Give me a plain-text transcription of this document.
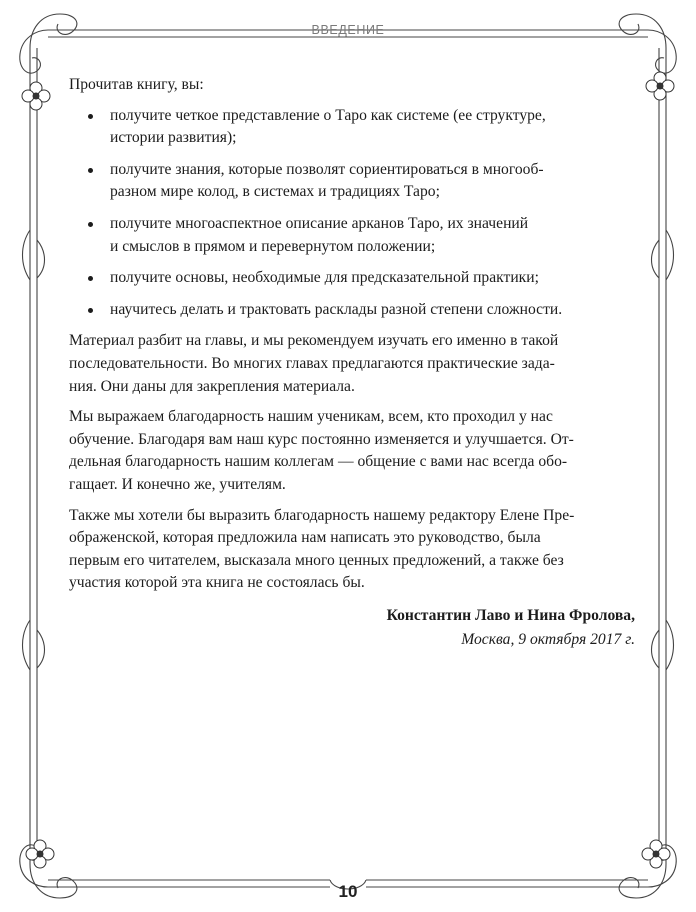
ВВЕДЕНИЕ

Прочитав книгу, вы:

получите четкое представление о Таро как системе (ее структуре,
истории развития);
получите знания, которые позволят сориентироваться в многооб-
разном мире колод, в системах и традициях Таро;
получите многоаспектное описание арканов Таро, их значений
и смыслов в прямом и перевернутом положении;
получите основы, необходимые для предсказательной практики;
научитесь делать и трактовать расклады разной степени сложности.

Материал разбит на главы, и мы рекомендуем изучать его именно в такой
последовательности. Во многих главах предлагаются практические зада-
ния. Они даны для закрепления материала.

Мы выражаем благодарность нашим ученикам, всем, кто проходил у нас
обучение. Благодаря вам наш курс постоянно изменяется и улучшается. От-
дельная благодарность нашим коллегам — общение с вами нас всегда обо-
гащает. И конечно же, учителям.

Также мы хотели бы выразить благодарность нашему редактору Елене Пре-
ображенской, которая предложила нам написать это руководство, была
первым его читателем, высказала много ценных предложений, а также без
участия которой эта книга не состоялась бы.

Константин Лаво и Нина Фролова,
Москва, 9 октября 2017 г.
10
